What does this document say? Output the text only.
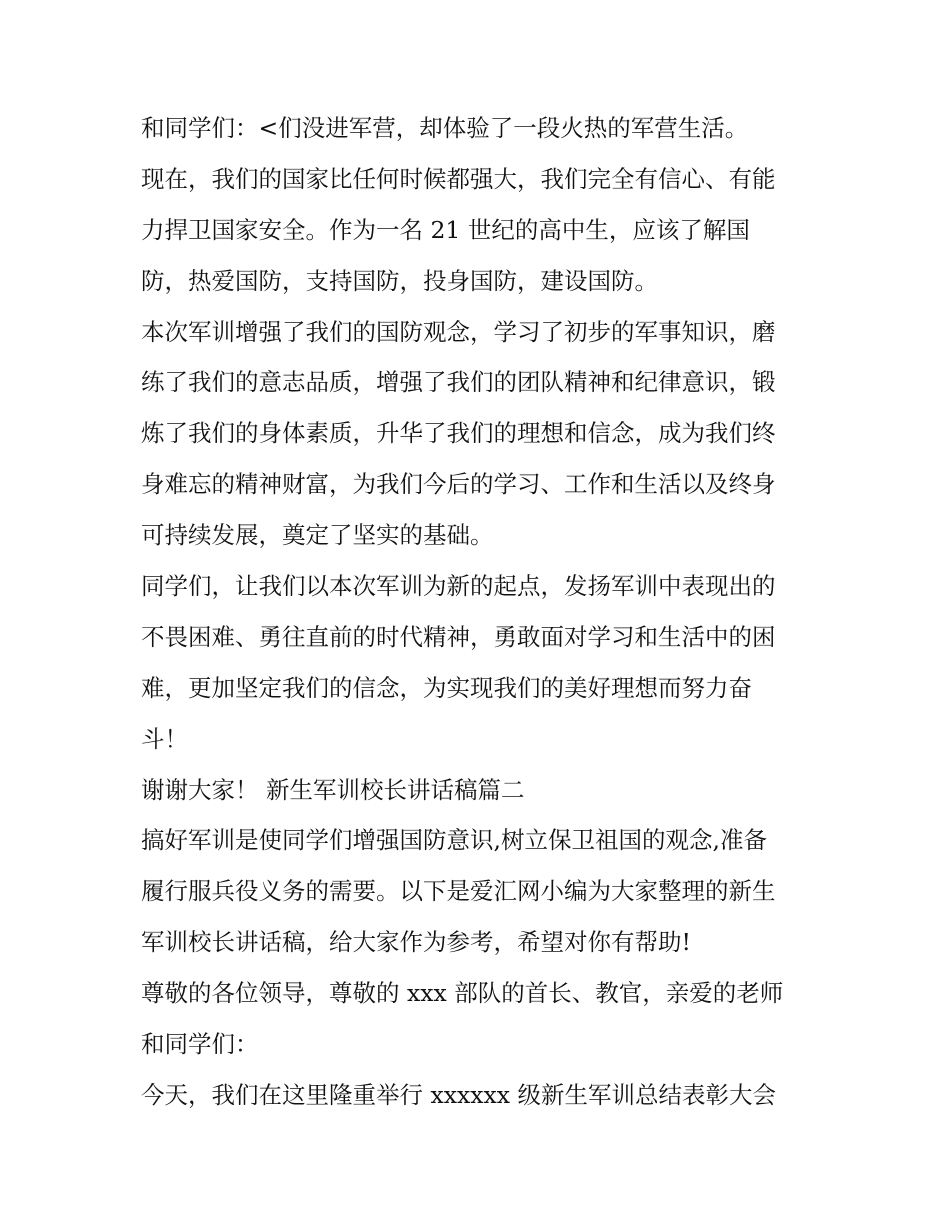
和同学们：<们没进军营，却体验了一段火热的军营生活。
现在，我们的国家比任何时候都强大，我们完全有信心、有能
力捍卫国家安全。作为一名 21 世纪的高中生，应该了解国
防，热爱国防，支持国防，投身国防，建设国防。
本次军训增强了我们的国防观念，学习了初步的军事知识，磨
练了我们的意志品质，增强了我们的团队精神和纪律意识，锻
炼了我们的身体素质，升华了我们的理想和信念，成为我们终
身难忘的精神财富，为我们今后的学习、工作和生活以及终身
可持续发展，奠定了坚实的基础。
同学们，让我们以本次军训为新的起点，发扬军训中表现出的
不畏困难、勇往直前的时代精神，勇敢面对学习和生活中的困
难，更加坚定我们的信念，为实现我们的美好理想而努力奋
斗！
谢谢大家！ 新生军训校长讲话稿篇二
搞好军训是使同学们增强国防意识,树立保卫祖国的观念,准备
履行服兵役义务的需要。以下是爱汇网小编为大家整理的新生
军训校长讲话稿，给大家作为参考，希望对你有帮助!
尊敬的各位领导，尊敬的 xxx 部队的首长、教官，亲爱的老师
和同学们：
今天，我们在这里隆重举行 xxxxxx 级新生军训总结表彰大会
